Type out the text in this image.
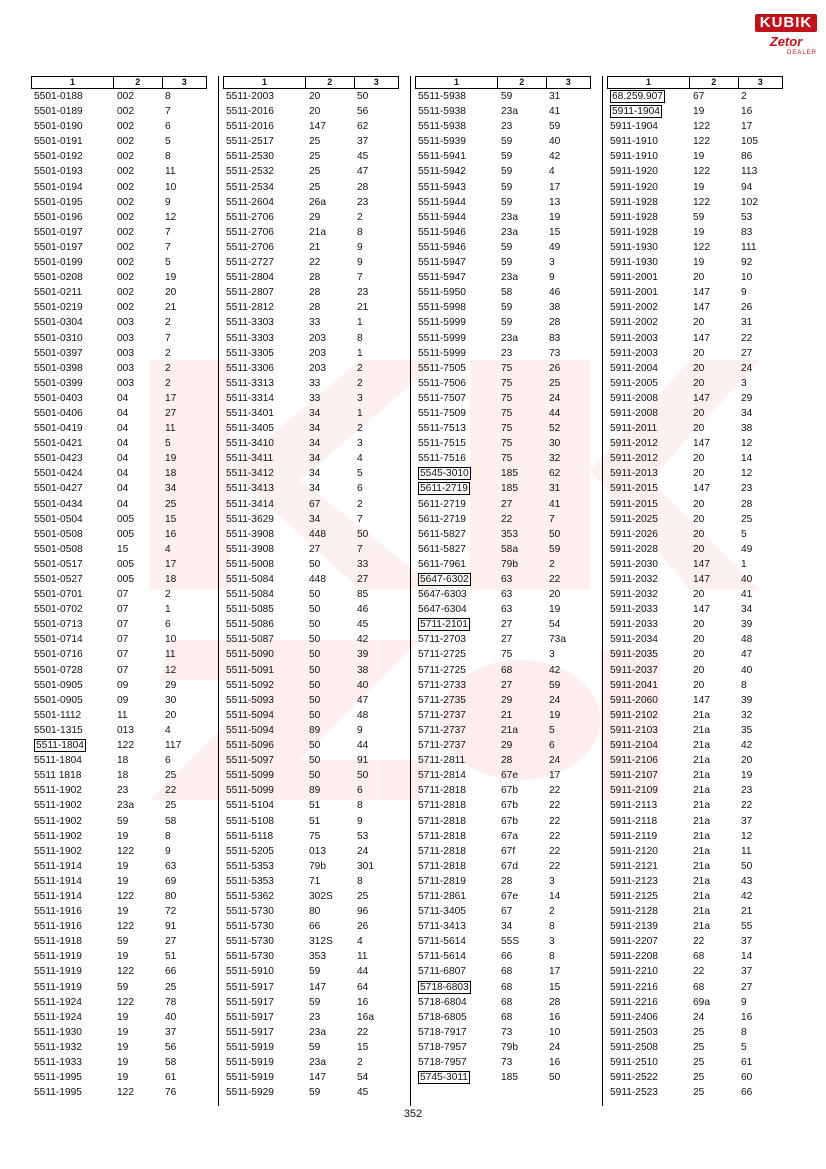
KUBIK
Zetor
DEALER
1	2	3
5501-0188	002	8
5501-0189	002	7
5501-0190	002	6
5501-0191	002	5
5501-0192	002	8
5501-0193	002	11
5501-0194	002	10
5501-0195	002	9
5501-0196	002	12
5501-0197	002	7
5501-0197	002	7
5501-0199	002	5
5501-0208	002	19
5501-0211	002	20
5501-0219	002	21
5501-0304	003	2
5501-0310	003	7
5501-0397	003	2
5501-0398	003	2
5501-0399	003	2
5501-0403	04	17
5501-0406	04	27
5501-0419	04	11
5501-0421	04	5
5501-0423	04	19
5501-0424	04	18
5501-0427	04	34
5501-0434	04	25
5501-0504	005	15
5501-0508	005	16
5501-0508	15	4
5501-0517	005	17
5501-0527	005	18
5501-0701	07	2
5501-0702	07	1
5501-0713	07	6
5501-0714	07	10
5501-0716	07	11
5501-0728	07	12
5501-0905	09	29
5501-0905	09	30
5501-1112	11	20
5501-1315	013	4
5511-1804	122	117
5511-1804	18	6
5511 1818	18	25
5511-1902	23	22
5511-1902	23a	25
5511-1902	59	58
5511-1902	19	8
5511-1902	122	9
5511-1914	19	63
5511-1914	19	69
5511-1914	122	80
5511-1916	19	72
5511-1916	122	91
5511-1918	59	27
5511-1919	19	51
5511-1919	122	66
5511-1919	59	25
5511-1924	122	78
5511-1924	19	40
5511-1930	19	37
5511-1932	19	56
5511-1933	19	58
5511-1995	19	61
5511-1995	122	76
1	2	3
5511-2003	20	50
5511-2016	20	56
5511-2016	147	62
5511-2517	25	37
5511-2530	25	45
5511-2532	25	47
5511-2534	25	28
5511-2604	26a	23
5511-2706	29	2
5511-2706	21a	8
5511-2706	21	9
5511-2727	22	9
5511-2804	28	7
5511-2807	28	23
5511-2812	28	21
5511-3303	33	1
5511-3303	203	8
5511-3305	203	1
5511-3306	203	2
5511-3313	33	2
5511-3314	33	3
5511-3401	34	1
5511-3405	34	2
5511-3410	34	3
5511-3411	34	4
5511-3412	34	5
5511-3413	34	6
5511-3414	67	2
5511-3629	34	7
5511-3908	448	50
5511-3908	27	7
5511-5008	50	33
5511-5084	448	27
5511-5084	50	85
5511-5085	50	46
5511-5086	50	45
5511-5087	50	42
5511-5090	50	39
5511-5091	50	38
5511-5092	50	40
5511-5093	50	47
5511-5094	50	48
5511-5094	89	9
5511-5096	50	44
5511-5097	50	91
5511-5099	50	50
5511-5099	89	6
5511-5104	51	8
5511-5108	51	9
5511-5118	75	53
5511-5205	013	24
5511-5353	79b	301
5511-5353	71	8
5511-5362	302S	25
5511-5730	80	96
5511-5730	66	26
5511-5730	312S	4
5511-5730	353	11
5511-5910	59	44
5511-5917	147	64
5511-5917	59	16
5511-5917	23	16a
5511-5917	23a	22
5511-5919	59	15
5511-5919	23a	2
5511-5919	147	54
5511-5929	59	45
1	2	3
5511-5938	59	31
5511-5938	23a	41
5511-5938	23	59
5511-5939	59	40
5511-5941	59	42
5511-5942	59	4
5511-5943	59	17
5511-5944	59	13
5511-5944	23a	19
5511-5946	23a	15
5511-5946	59	49
5511-5947	59	3
5511-5947	23a	9
5511-5950	58	46
5511-5998	59	38
5511-5999	59	28
5511-5999	23a	83
5511-5999	23	73
5511-7505	75	26
5511-7506	75	25
5511-7507	75	24
5511-7509	75	44
5511-7513	75	52
5511-7515	75	30
5511-7516	75	32
5545-3010	185	62
5611-2719	185	31
5611-2719	27	41
5611-2719	22	7
5611-5827	353	50
5611-5827	58a	59
5611-7961	79b	2
5647-6302	63	22
5647-6303	63	20
5647-6304	63	19
5711-2101	27	54
5711-2703	27	73a
5711-2725	75	3
5711-2725	68	42
5711-2733	27	59
5711-2735	29	24
5711-2737	21	19
5711-2737	21a	5
5711-2737	29	6
5711-2811	28	24
5711-2814	67e	17
5711-2818	67b	22
5711-2818	67b	22
5711-2818	67b	22
5711-2818	67a	22
5711-2818	67f	22
5711-2818	67d	22
5711-2819	28	3
5711-2861	67e	14
5711-3405	67	2
5711-3413	34	8
5711-5614	55S	3
5711-5614	66	8
5711-6807	68	17
5718-6803	68	15
5718-6804	68	28
5718-6805	68	16
5718-7917	73	10
5718-7957	79b	24
5718-7957	73	16
5745-3011	185	50
1	2	3
68.259.907	67	2
5911-1904	19	16
5911-1904	122	17
5911-1910	122	105
5911-1910	19	86
5911-1920	122	113
5911-1920	19	94
5911-1928	122	102
5911-1928	59	53
5911-1928	19	83
5911-1930	122	111
5911-1930	19	92
5911-2001	20	10
5911-2001	147	9
5911-2002	147	26
5911-2002	20	31
5911-2003	147	22
5911-2003	20	27
5911-2004	20	24
5911-2005	20	3
5911-2008	147	29
5911-2008	20	34
5911-2011	20	38
5911-2012	147	12
5911-2012	20	14
5911-2013	20	12
5911-2015	147	23
5911-2015	20	28
5911-2025	20	25
5911-2026	20	5
5911-2028	20	49
5911-2030	147	1
5911-2032	147	40
5911-2032	20	41
5911-2033	147	34
5911-2033	20	39
5911-2034	20	48
5911-2035	20	47
5911-2037	20	40
5911-2041	20	8
5911-2060	147	39
5911-2102	21a	32
5911-2103	21a	35
5911-2104	21a	42
5911-2106	21a	20
5911-2107	21a	19
5911-2109	21a	23
5911-2113	21a	22
5911-2118	21a	37
5911-2119	21a	12
5911-2120	21a	11
5911-2121	21a	50
5911-2123	21a	43
5911-2125	21a	42
5911-2128	21a	21
5911-2139	21a	55
5911-2207	22	37
5911-2208	68	14
5911-2210	22	37
5911-2216	68	27
5911-2216	69a	9
5911-2406	24	16
5911-2503	25	8
5911-2508	25	5
5911-2510	25	61
5911-2522	25	60
5911-2523	25	66
352
